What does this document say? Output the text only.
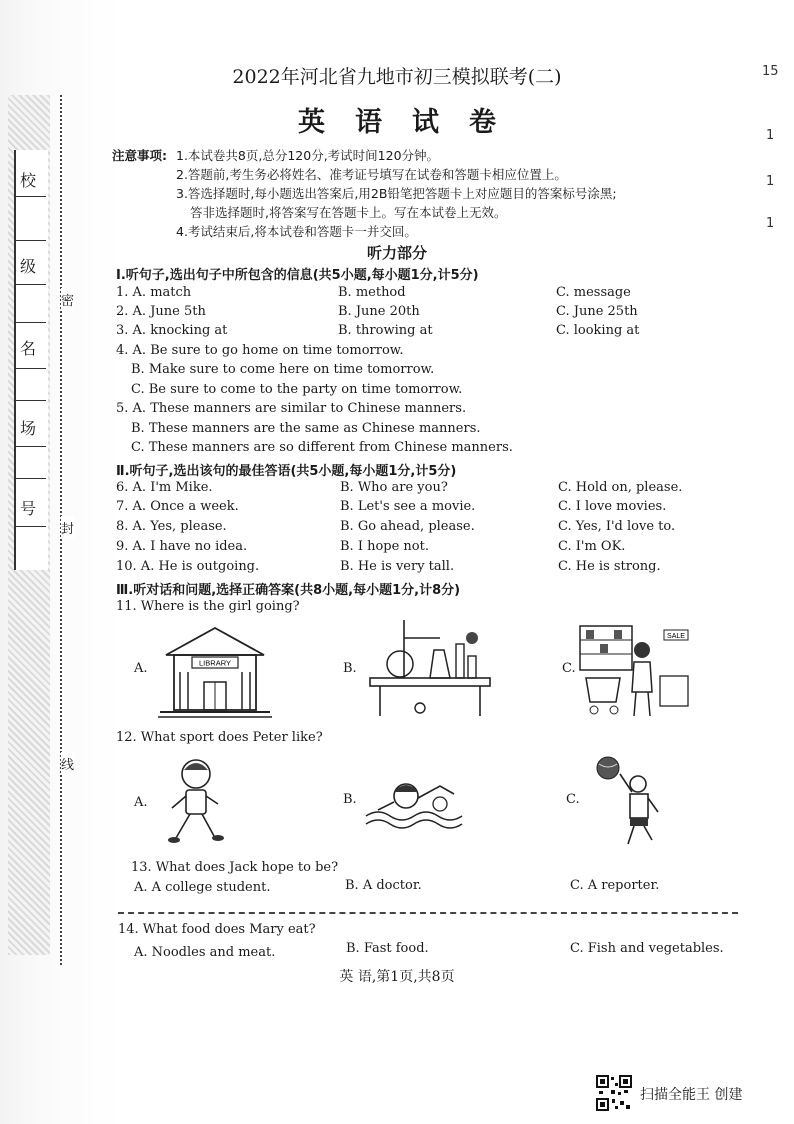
校
级
名
场
号
密
封
线
15
1
1
1
2022年河北省九地市初三模拟联考(二)
英语试卷
注意事项: 1.本试卷共8页,总分120分,考试时间120分钟。
2.答题前,考生务必将姓名、准考证号填写在试卷和答题卡相应位置上。
3.答选择题时,每小题选出答案后,用2B铅笔把答题卡上对应题目的答案标号涂黑;
答非选择题时,将答案写在答题卡上。写在本试卷上无效。
4.考试结束后,将本试卷和答题卡一并交回。
听力部分
Ⅰ.听句子,选出句子中所包含的信息(共5小题,每小题1分,计5分)
1. A. match	B. method	C. message
2. A. June 5th	B. June 20th	C. June 25th
3. A. knocking at	B. throwing at	C. looking at
4. A. Be sure to go home on time tomorrow.
B. Make sure to come here on time tomorrow.
C. Be sure to come to the party on time tomorrow.
5. A. These manners are similar to Chinese manners.
B. These manners are the same as Chinese manners.
C. These manners are so different from Chinese manners.
Ⅱ.听句子,选出该句的最佳答语(共5小题,每小题1分,计5分)
6. A. I'm Mike.	B. Who are you?	C. Hold on, please.
7. A. Once a week.	B. Let's see a movie.	C. I love movies.
8. A. Yes, please.	B. Go ahead, please.	C. Yes, I'd love to.
9. A. I have no idea.	B. I hope not.	C. I'm OK.
10. A. He is outgoing.	B. He is very tall.	C. He is strong.
Ⅲ.听对话和问题,选择正确答案(共8小题,每小题1分,计8分)
11. Where is the girl going?
A.	LIBRARY	B.	C.
SALE
12. What sport does Peter like?
A.	B.	C.
13. What does Jack hope to be?
A. A college student.	B. A doctor.	C. A reporter.
14. What food does Mary eat?
A. Noodles and meat.	B. Fast food.	C. Fish and vegetables.
英 语,第1页,共8页
扫描全能王 创建
